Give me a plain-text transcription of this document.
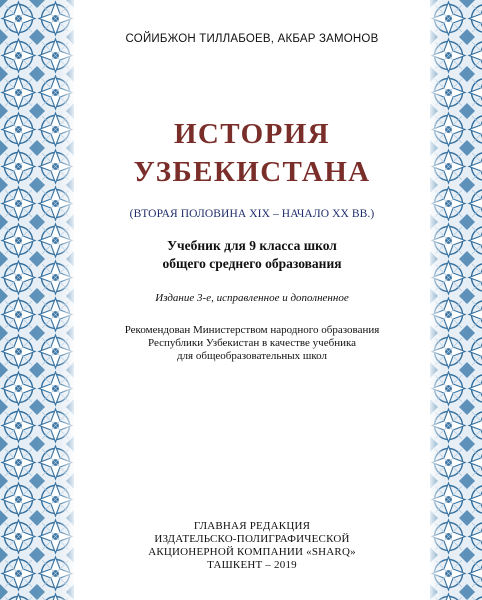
СОЙИБЖОН ТИЛЛАБОЕВ, АКБАР ЗАМОНОВ
ИСТОРИЯ
УЗБЕКИСТАНА
(ВТОРАЯ ПОЛОВИНА XIX – НАЧАЛО XX ВВ.)
Учебник для 9 класса школ
общего среднего образования
Издание 3-е, исправленное и дополненное
Рекомендован Министерством народного образования
Республики Узбекистан в качестве учебника
для общеобразовательных школ
ГЛАВНАЯ РЕДАКЦИЯ
ИЗДАТЕЛЬСКО-ПОЛИГРАФИЧЕСКОЙ
АКЦИОНЕРНОЙ КОМПАНИИ «SHARQ»
ТАШКЕНТ – 2019
